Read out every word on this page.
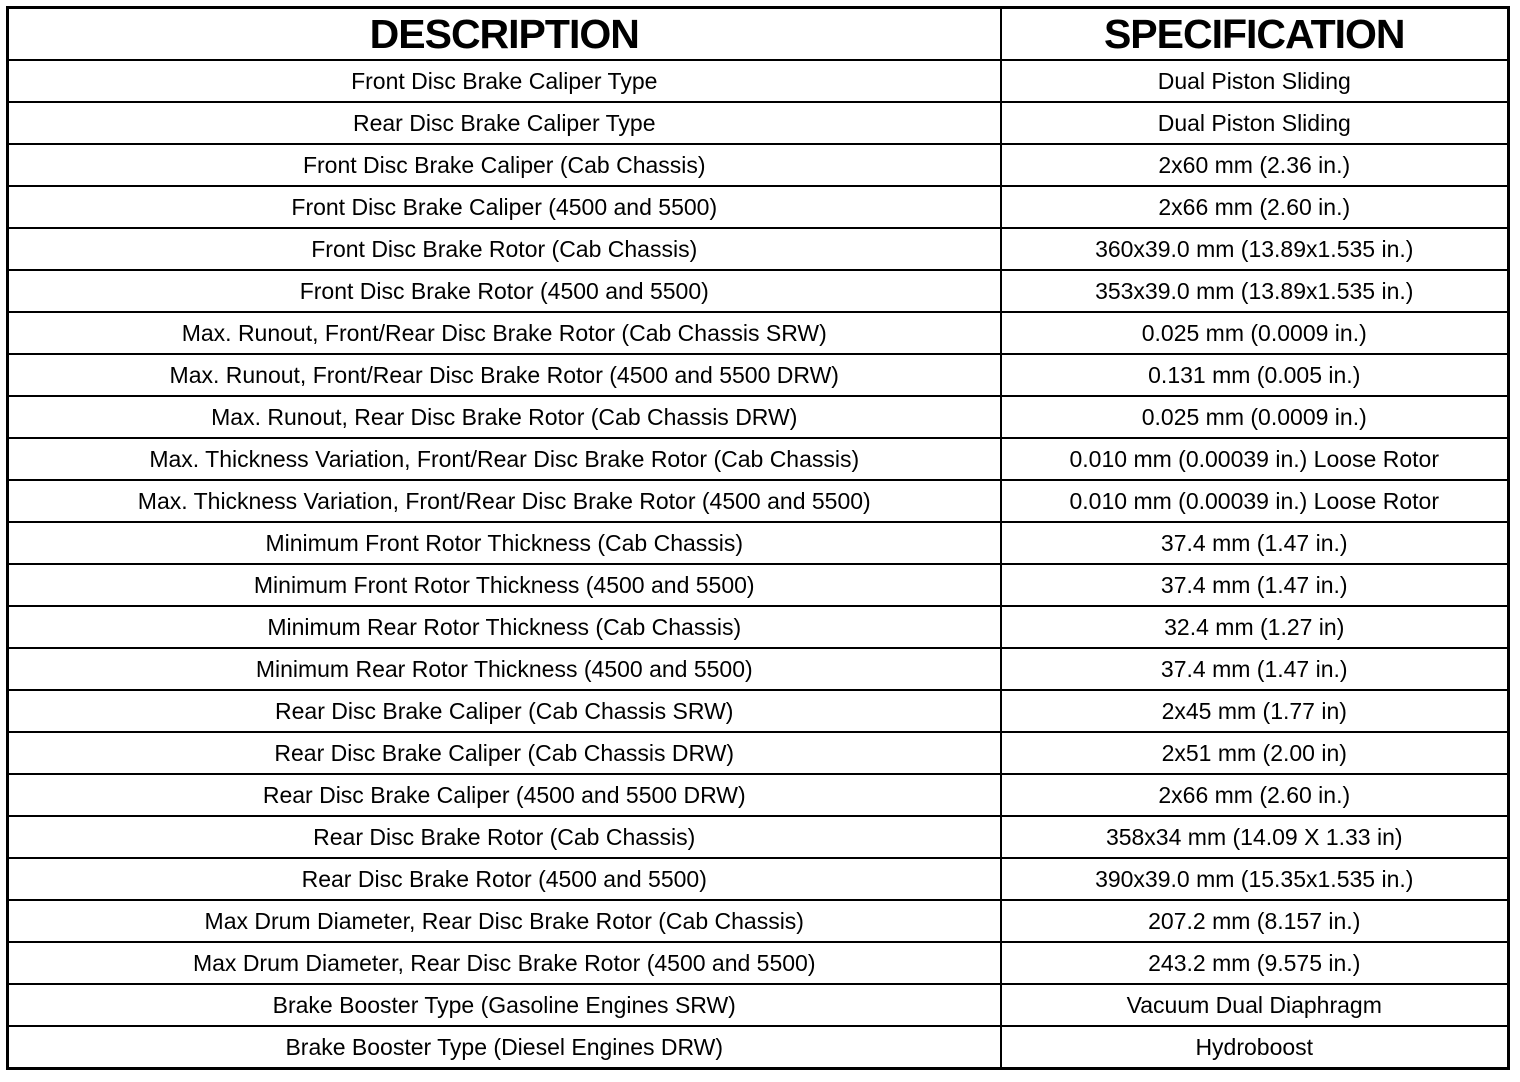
DESCRIPTION	SPECIFICATION
Front Disc Brake Caliper Type	Dual Piston Sliding
Rear Disc Brake Caliper Type	Dual Piston Sliding
Front Disc Brake Caliper (Cab Chassis)	2x60 mm (2.36 in.)
Front Disc Brake Caliper (4500 and 5500)	2x66 mm (2.60 in.)
Front Disc Brake Rotor (Cab Chassis)	360x39.0 mm (13.89x1.535 in.)
Front Disc Brake Rotor (4500 and 5500)	353x39.0 mm (13.89x1.535 in.)
Max. Runout, Front/Rear Disc Brake Rotor (Cab Chassis SRW)	0.025 mm (0.0009 in.)
Max. Runout, Front/Rear Disc Brake Rotor (4500 and 5500 DRW)	0.131 mm (0.005 in.)
Max. Runout, Rear Disc Brake Rotor (Cab Chassis DRW)	0.025 mm (0.0009 in.)
Max. Thickness Variation, Front/Rear Disc Brake Rotor (Cab Chassis)	0.010 mm (0.00039 in.) Loose Rotor
Max. Thickness Variation, Front/Rear Disc Brake Rotor (4500 and 5500)	0.010 mm (0.00039 in.) Loose Rotor
Minimum Front Rotor Thickness (Cab Chassis)	37.4 mm (1.47 in.)
Minimum Front Rotor Thickness (4500 and 5500)	37.4 mm (1.47 in.)
Minimum Rear Rotor Thickness (Cab Chassis)	32.4 mm (1.27 in)
Minimum Rear Rotor Thickness (4500 and 5500)	37.4 mm (1.47 in.)
Rear Disc Brake Caliper (Cab Chassis SRW)	2x45 mm (1.77 in)
Rear Disc Brake Caliper (Cab Chassis DRW)	2x51 mm (2.00 in)
Rear Disc Brake Caliper (4500 and 5500 DRW)	2x66 mm (2.60 in.)
Rear Disc Brake Rotor (Cab Chassis)	358x34 mm (14.09 X 1.33 in)
Rear Disc Brake Rotor (4500 and 5500)	390x39.0 mm (15.35x1.535 in.)
Max Drum Diameter, Rear Disc Brake Rotor (Cab Chassis)	207.2 mm (8.157 in.)
Max Drum Diameter, Rear Disc Brake Rotor (4500 and 5500)	243.2 mm (9.575 in.)
Brake Booster Type (Gasoline Engines SRW)	Vacuum Dual Diaphragm
Brake Booster Type (Diesel Engines DRW)	Hydroboost
